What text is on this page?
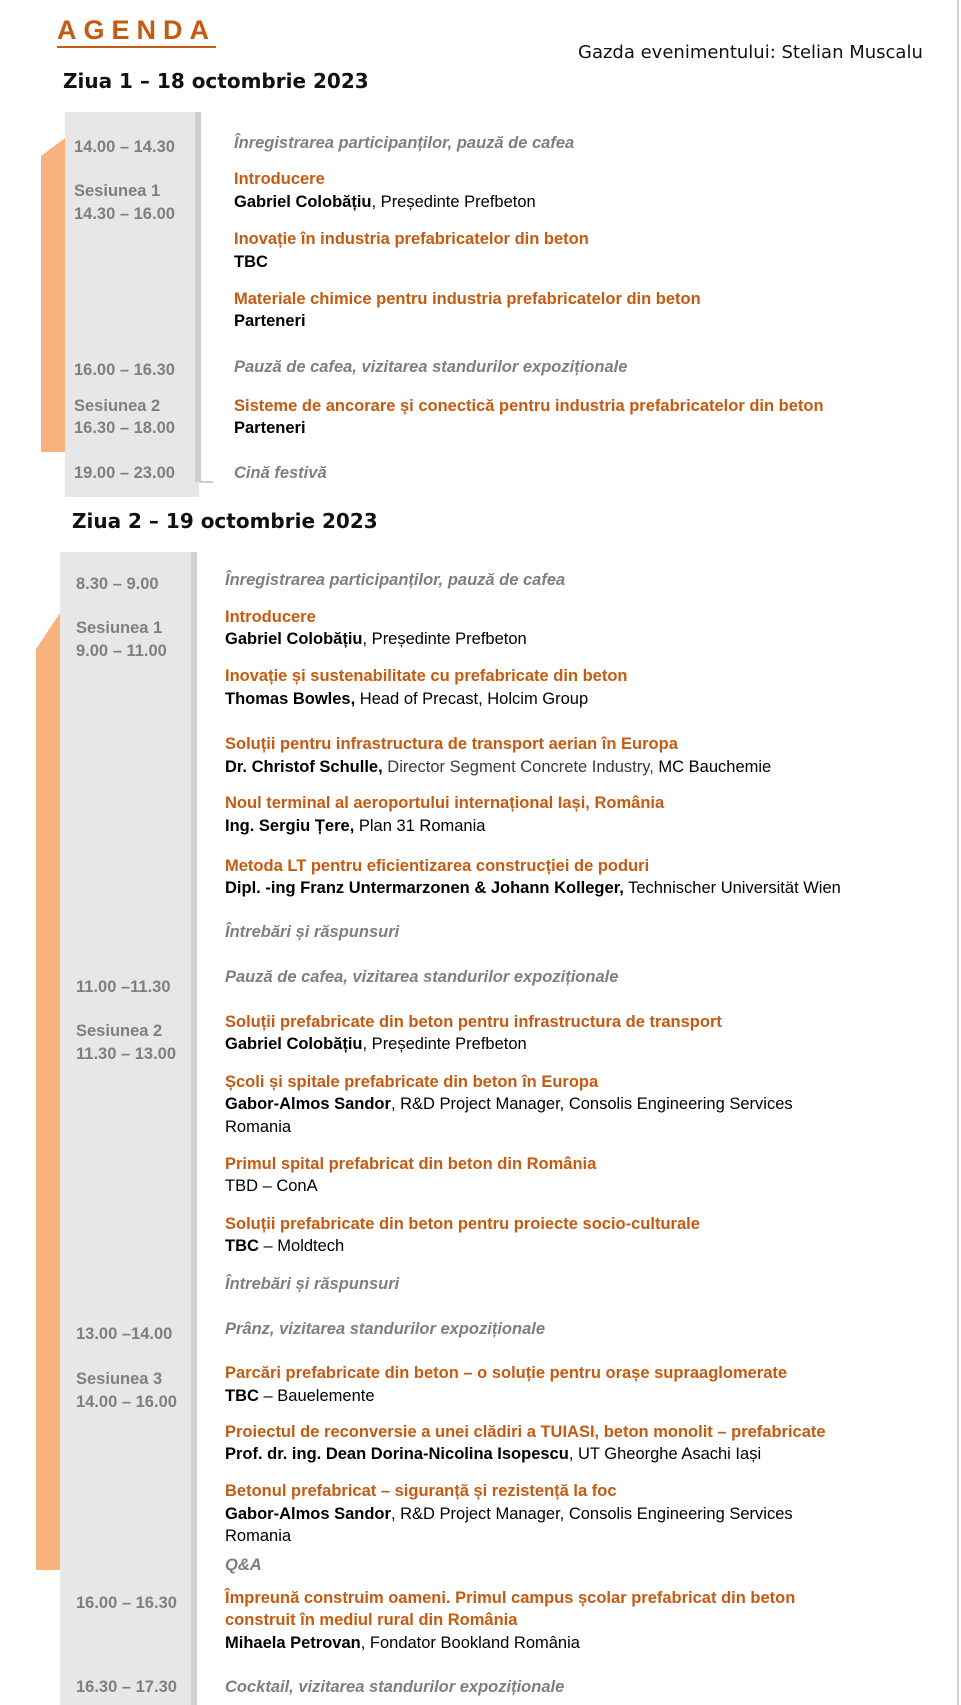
AGENDA
Gazda evenimentului: Stelian Muscalu
Ziua 1 – 18 octombrie 2023
14.00 – 14.30
Sesiunea 1
14.30 – 16.00
16.00 – 16.30
Sesiunea 2
16.30 – 18.00
19.00 – 23.00
Înregistrarea participanților, pauză de cafea
Introducere
Gabriel Colobățiu, Președinte Prefbeton
Inovație în industria prefabricatelor din beton
TBC
Materiale chimice pentru industria prefabricatelor din beton
Parteneri
Pauză de cafea, vizitarea standurilor expoziționale
Sisteme de ancorare și conectică pentru industria prefabricatelor din beton
Parteneri
Cină festivă
Ziua 2 – 19 octombrie 2023
8.30 – 9.00
Sesiunea 1
9.00 – 11.00
11.00 –11.30
Sesiunea 2
11.30 – 13.00
13.00 –14.00
Sesiunea 3
14.00 – 16.00
16.00 – 16.30
16.30 – 17.30
Înregistrarea participanților, pauză de cafea
Introducere
Gabriel Colobățiu, Președinte Prefbeton
Inovație și sustenabilitate cu prefabricate din beton
Thomas Bowles, Head of Precast, Holcim Group
Soluții pentru infrastructura de transport aerian în Europa
Dr. Christof Schulle, Director Segment Concrete Industry, MC Bauchemie
Noul terminal al aeroportului internațional Iași, România
Ing. Sergiu Țere, Plan 31 Romania
Metoda LT pentru eficientizarea construcției de poduri
Dipl. -ing Franz Untermarzonen & Johann Kolleger, Technischer Universität Wien
Întrebări și răspunsuri
Pauză de cafea, vizitarea standurilor expoziționale
Soluții prefabricate din beton pentru infrastructura de transport
Gabriel Colobățiu, Președinte Prefbeton
Școli și spitale prefabricate din beton în Europa
Gabor-Almos Sandor, R&D Project Manager, Consolis Engineering Services
Romania
Primul spital prefabricat din beton din România
TBD – ConA
Soluții prefabricate din beton pentru proiecte socio-culturale
TBC – Moldtech
Întrebări și răspunsuri
Prânz, vizitarea standurilor expoziționale
Parcări prefabricate din beton – o soluție pentru orașe supraaglomerate
TBC – Bauelemente
Proiectul de reconversie a unei clădiri a TUIASI, beton monolit – prefabricate
Prof. dr. ing. Dean Dorina-Nicolina Isopescu, UT Gheorghe Asachi Iași
Betonul prefabricat – siguranță și rezistență la foc
Gabor-Almos Sandor, R&D Project Manager, Consolis Engineering Services
Romania
Q&A
Împreună construim oameni. Primul campus școlar prefabricat din beton
construit în mediul rural din România
Mihaela Petrovan, Fondator Bookland România
Cocktail, vizitarea standurilor expoziționale
